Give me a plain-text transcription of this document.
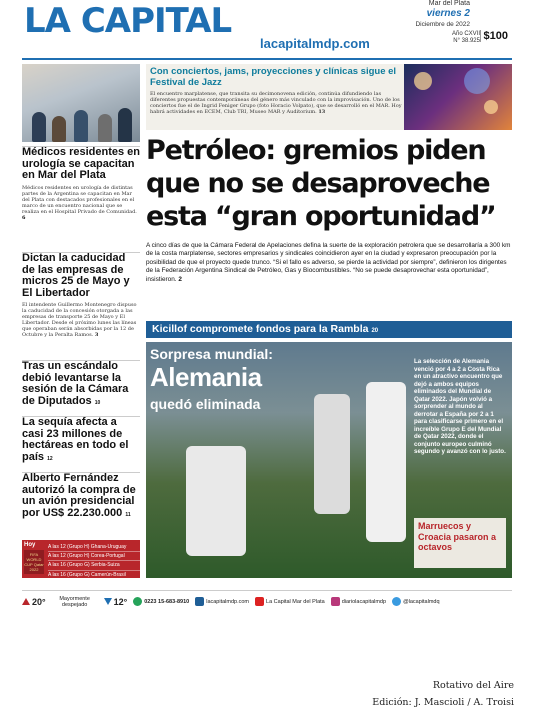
LA CAPITAL
lacapitalmdp.com
Mar del Plata
viernes 2
Diciembre de 2022
Año CXVII
N° 38.925 $100
Médicos residentes en urología se capacitan en Mar del Plata

Médicos residentes en urología de distintas partes de la Argentina se capacitan en Mar del Plata con destacados profesionales en el marco de un encuentro nacional que se realiza en el Hospital Privado de Comunidad. 6

Dictan la caducidad de las empresas de micros 25 de Mayo y El Libertador

El intendente Guillermo Montenegro dispuso la caducidad de la concesión otorgada a las empresas de transporte 25 de Mayo y El Libertador. Desde el próximo lunes las líneas que operaban serán absorbidas por la 12 de Octubre y la Peralta Ramos. 3

Tras un escándalo debió levantarse la sesión de la Cámara de Diputados 10
La sequía afecta a casi 23 millones de hectáreas en todo el país 12
Alberto Fernández autorizó la compra de un avión presidencial por US$ 22.230.000 11
Hoy
FIFA WORLD CUP Qatar 2022
A las 12 (Grupo H) Ghana-Uruguay
A las 12 (Grupo H) Corea-Portugal
A las 16 (Grupo G) Serbia-Suiza
A las 16 (Grupo G) Camerún-Brasil
Con conciertos, jams, proyecciones y clínicas sigue el Festival de Jazz

El encuentro marplatense, que transita su decimonovena edición, continúa difundiendo las diferentes propuestas contemporáneas del género más vinculado con la improvisación. Uno de los conciertos fue el de Ingrid Feniger Grupo (foto Horacio Volpato), que se desarrolló en el MAR. Hoy habrá actividades en ECEM, Club TRI, Museo MAR y Auditorium. 13

Petróleo: gremios piden que no se desaproveche esta “gran oportunidad”
A cinco días de que la Cámara Federal de Apelaciones defina la suerte de la exploración petrolera que se desarrollaría a 300 km de la costa marplatense, sectores empresarios y sindicales coincidieron ayer en la ciudad y expresaron preocupación por la posibilidad de que el proyecto quede trunco. “Si el fallo es adverso, se pierde la actividad por siempre”, definieron los dirigentes de la Federación Argentina Sindical de Petróleo, Gas y Biocombustibles. “No se puede desaprovechar esta oportunidad”, insistieron. 2
Kicillof compromete fondos para la Rambla 20
Sorpresa mundial:
Alemania
quedó eliminada
La selección de Alemania venció por 4 a 2 a Costa Rica en un atractivo encuentro que dejó a ambos equipos eliminados del Mundial de Qatar 2022. Japón volvió a sorprender al mundo al derrotar a España por 2 a 1 para clasificarse primero en el increíble Grupo E del Mundial de Qatar 2022, donde el conjunto europeo culminó segundo y avanzó con lo justo.
Marruecos y Croacia pasaron a octavos
20°	Mayormente despejado	12°	0223 15-683-8910	lacapitalmdp.com	La Capital Mar del Plata	diariolacapitalmdp	@lacapitalmdq
Rotativo del Aire
Edición: J. Mascioli / A. Troisi
